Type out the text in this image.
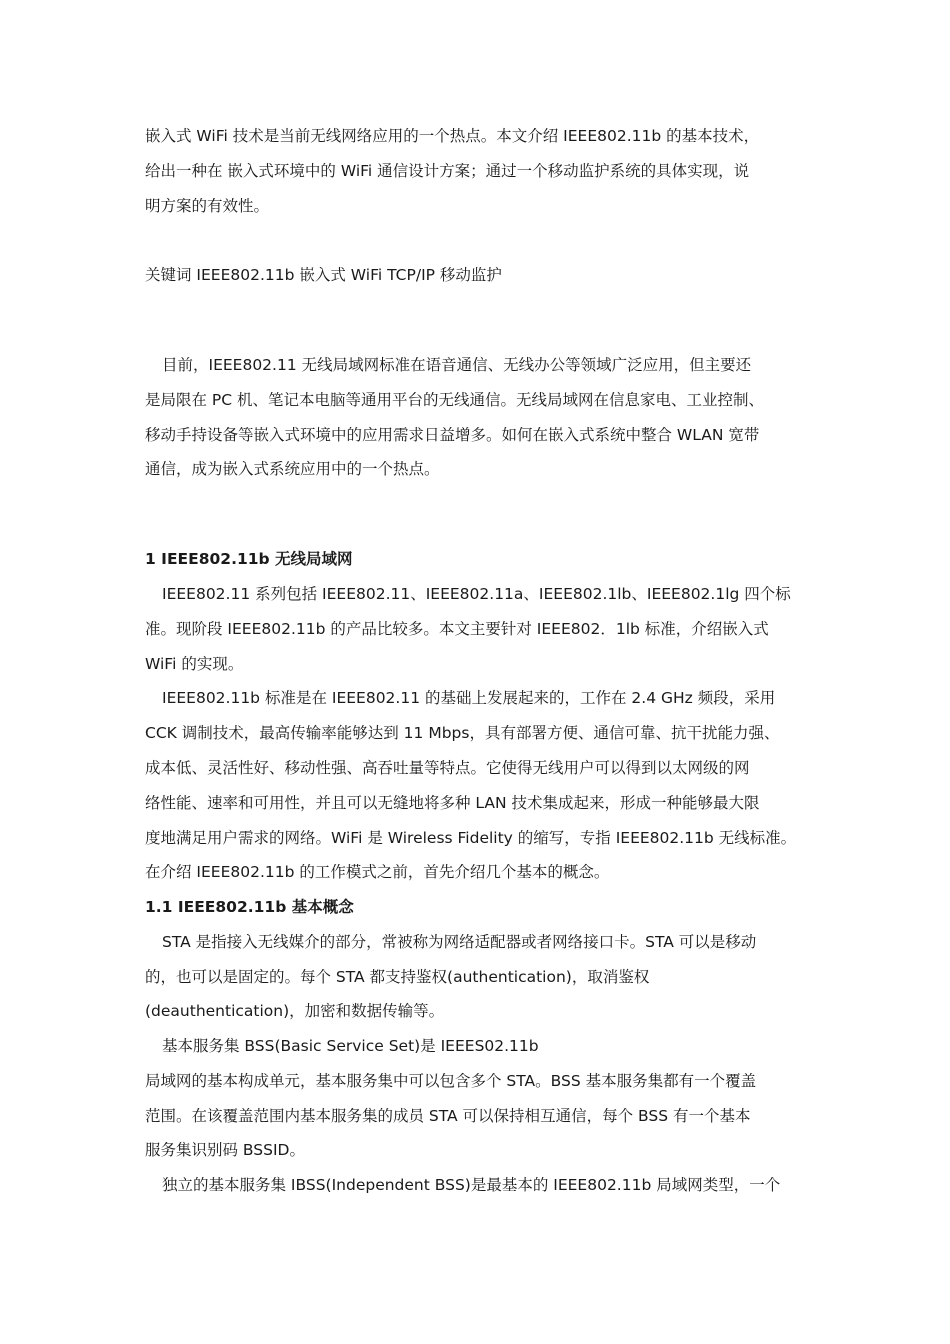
嵌入式 WiFi 技术是当前无线网络应用的一个热点。本文介绍 IEEE802.11b 的基本技术，
给出一种在 嵌入式环境中的 WiFi 通信设计方案；通过一个移动监护系统的具体实现，说
明方案的有效性。
关键词 IEEE802.11b 嵌入式 WiFi TCP/IP 移动监护
目前，IEEE802.11 无线局域网标准在语音通信、无线办公等领域广泛应用，但主要还
是局限在 PC 机、笔记本电脑等通用平台的无线通信。无线局域网在信息家电、工业控制、
移动手持设备等嵌入式环境中的应用需求日益增多。如何在嵌入式系统中整合 WLAN 宽带
通信，成为嵌入式系统应用中的一个热点。
1 IEEE802.11b 无线局域网
IEEE802.11 系列包括 IEEE802.11、IEEE802.11a、IEEE802.1lb、IEEE802.1lg 四个标
准。现阶段 IEEE802.11b 的产品比较多。本文主要针对 IEEE802．1lb 标准，介绍嵌入式
WiFi 的实现。
IEEE802.11b 标准是在 IEEE802.11 的基础上发展起来的，工作在 2.4 GHz 频段，采用
CCK 调制技术，最高传输率能够达到 11 Mbps，具有部署方便、通信可靠、抗干扰能力强、
成本低、灵活性好、移动性强、高吞吐量等特点。它使得无线用户可以得到以太网级的网
络性能、速率和可用性，并且可以无缝地将多种 LAN 技术集成起来，形成一种能够最大限
度地满足用户需求的网络。WiFi 是 Wireless Fidelity 的缩写，专指 IEEE802.11b 无线标准。
在介绍 IEEE802.11b 的工作模式之前，首先介绍几个基本的概念。
1.1 IEEE802.11b 基本概念
STA 是指接入无线媒介的部分，常被称为网络适配器或者网络接口卡。STA 可以是移动
的，也可以是固定的。每个 STA 都支持鉴权(authentication)，取消鉴权
(deauthentication)，加密和数据传输等。
基本服务集 BSS(Basic Service Set)是 IEEES02.11b
局域网的基本构成单元，基本服务集中可以包含多个 STA。BSS 基本服务集都有一个覆盖
范围。在该覆盖范围内基本服务集的成员 STA 可以保持相互通信，每个 BSS 有一个基本
服务集识别码 BSSID。
独立的基本服务集 IBSS(Independent BSS)是最基本的 IEEE802.11b 局域网类型，一个
